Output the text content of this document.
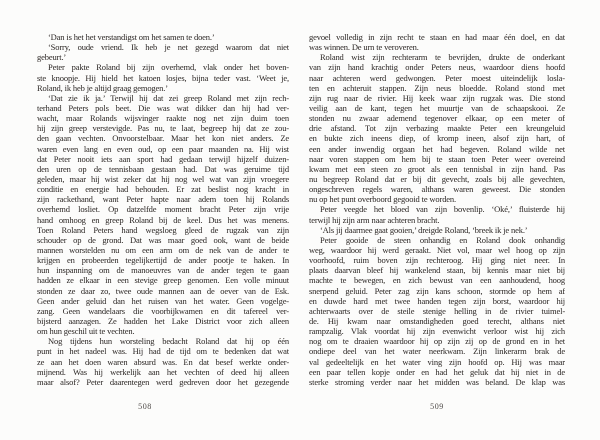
‘Dan is het het verstandigst om het samen te doen.’
‘Sorry, oude vriend. Ik heb je net gezegd waarom dat niet
gebeurt.’
Peter pakte Roland bij zijn overhemd, vlak onder het boven-
ste knoopje. Hij hield het katoen losjes, bijna teder vast. ‘Weet je,
Roland, ik heb je altijd graag gemogen.’
‘Dat zie ik ja.’ Terwijl hij dat zei greep Roland met zijn rech-
terhand Peters pols beet. Die was wat dikker dan hij had ver-
wacht, maar Rolands wijsvinger raakte nog net zijn duim toen
hij zijn greep verstevigde. Pas nu, te laat, begreep hij dat ze zou-
den gaan vechten. Onvoorstelbaar. Maar het kon niet anders. Ze
waren even lang en even oud, op een paar maanden na. Hij wist
dat Peter nooit iets aan sport had gedaan terwijl hijzelf duizen-
den uren op de tennisbaan gestaan had. Dat was geruime tijd
geleden, maar hij wist zeker dat hij nog wel wat van zijn vroegere
conditie en energie had behouden. Er zat beslist nog kracht in
zijn rackethand, want Peter hapte naar adem toen hij Rolands
overhemd losliet. Op datzelfde moment bracht Peter zijn vrije
hand omhoog en greep Roland bij de keel. Dus het was menens.
Toen Roland Peters hand wegsloeg gleed de rugzak van zijn
schouder op de grond. Dat was maar goed ook, want de beide
mannen worstelden nu om een arm om de nek van de ander te
krijgen en probeerden tegelijkertijd de ander pootje te haken. In
hun inspanning om de manoeuvres van de ander tegen te gaan
hadden ze elkaar in een stevige greep genomen. Een volle minuut
stonden ze daar zo, twee oude mannen aan de oever van de Esk.
Geen ander geluid dan het ruisen van het water. Geen vogelge-
zang. Geen wandelaars die voorbijkwamen en dit tafereel ver-
bijsterd aanzagen. Ze hadden het Lake District voor zich alleen
om hun geschil uit te vechten.
Nog tijdens hun worsteling bedacht Roland dat hij op één
punt in het nadeel was. Hij had de tijd om te bedenken dat wat
ze aan het doen waren absurd was. En dat besef werkte onder-
mijnend. Was hij werkelijk aan het vechten of deed hij alleen
maar alsof? Peter daarentegen werd gedreven door het gezegende
508
gevoel volledig in zijn recht te staan en had maar één doel, en dat
was winnen. De urn te veroveren.
Roland wist zijn rechterarm te bevrijden, drukte de onderkant
van zijn hand krachtig onder Peters neus, waardoor diens hoofd
naar achteren werd gedwongen. Peter moest uiteindelijk losla-
ten en achteruit stappen. Zijn neus bloedde. Roland stond met
zijn rug naar de rivier. Hij keek waar zijn rugzak was. Die stond
veilig aan de kant, tegen het muurtje van de schaapskooi. Ze
stonden nu zwaar ademend tegenover elkaar, op een meter of
drie afstand. Tot zijn verbazing maakte Peter een kreungeluid
en bukte zich ineens diep, of kromp ineen, alsof zijn hart, of
een ander inwendig orgaan het had begeven. Roland wilde net
naar voren stappen om hem bij te staan toen Peter weer overeind
kwam met een steen zo groot als een tennisbal in zijn hand. Pas
nu begreep Roland dat er bij dit gevecht, zoals bij alle gevechten,
ongeschreven regels waren, althans waren geweest. Die stonden
nu op het punt overboord gegooid te worden.
Peter veegde het bloed van zijn bovenlip. ‘Oké,’ fluisterde hij
terwijl hij zijn arm naar achteren bracht.
‘Als jij daarmee gaat gooien,’ dreigde Roland, ‘breek ik je nek.’
Peter gooide de steen onhandig en Roland dook onhandig
weg, waardoor hij werd geraakt. Niet vol, maar wel hoog op zijn
voorhoofd, ruim boven zijn rechteroog. Hij ging niet neer. In
plaats daarvan bleef hij wankelend staan, bij kennis maar niet bij
machte te bewegen, en zich bewust van een aanhoudend, hoog
snerpend geluid. Peter zag zijn kans schoon, stormde op hem af
en duwde hard met twee handen tegen zijn borst, waardoor hij
achterwaarts over de steile stenige helling in de rivier tuimel-
de. Hij kwam naar omstandigheden goed terecht, althans niet
rampzalig. Vlak voordat hij zijn evenwicht verloor wist hij zich
nog om te draaien waardoor hij op zijn zij op de grond en in het
ondiepe deel van het water neerkwam. Zijn linkerarm brak de
val gedeeltelijk en het water ving zijn hoofd op. Hij was maar
een paar tellen kopje onder en had het geluk dat hij niet in de
sterke stroming verder naar het midden was beland. De klap was
509
